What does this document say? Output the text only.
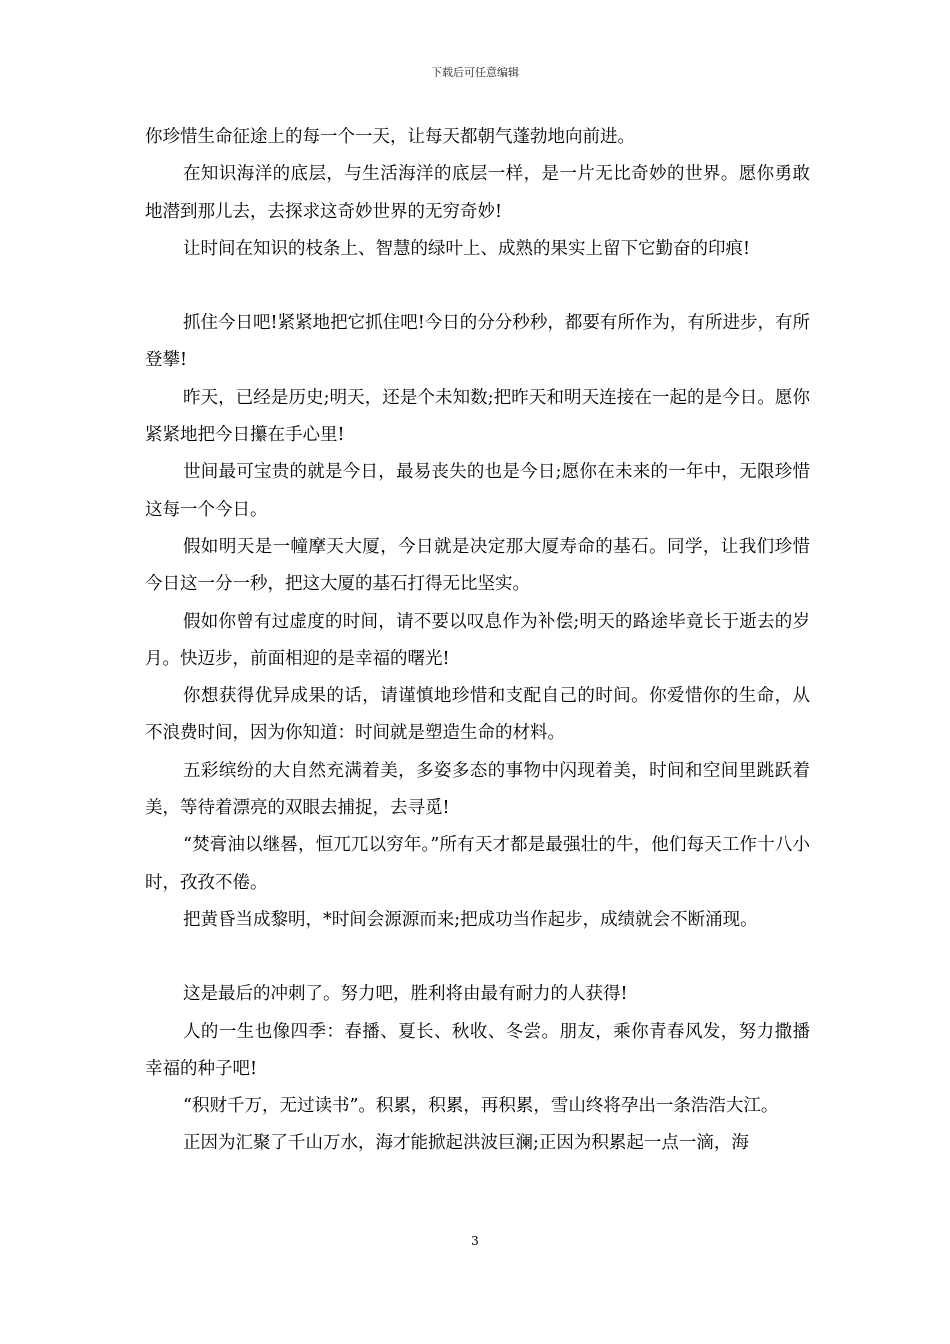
下载后可任意编辑

你珍惜生命征途上的每一个一天，让每天都朝气蓬勃地向前进。

在知识海洋的底层，与生活海洋的底层一样，是一片无比奇妙的世界。愿你勇敢地潜到那儿去，去探求这奇妙世界的无穷奇妙!

让时间在知识的枝条上、智慧的绿叶上、成熟的果实上留下它勤奋的印痕!

抓住今日吧!紧紧地把它抓住吧!今日的分分秒秒，都要有所作为，有所进步，有所登攀!

昨天，已经是历史;明天，还是个未知数;把昨天和明天连接在一起的是今日。愿你紧紧地把今日攥在手心里!

世间最可宝贵的就是今日，最易丧失的也是今日;愿你在未来的一年中，无限珍惜这每一个今日。

假如明天是一幢摩天大厦，今日就是决定那大厦寿命的基石。同学，让我们珍惜今日这一分一秒，把这大厦的基石打得无比坚实。

假如你曾有过虚度的时间，请不要以叹息作为补偿;明天的路途毕竟长于逝去的岁月。快迈步，前面相迎的是幸福的曙光!

你想获得优异成果的话，请谨慎地珍惜和支配自己的时间。你爱惜你的生命，从不浪费时间，因为你知道：时间就是塑造生命的材料。

五彩缤纷的大自然充满着美，多姿多态的事物中闪现着美，时间和空间里跳跃着美，等待着漂亮的双眼去捕捉，去寻觅!

“焚膏油以继晷，恒兀兀以穷年。”所有天才都是最强壮的牛，他们每天工作十八小时，孜孜不倦。

把黄昏当成黎明，*时间会源源而来;把成功当作起步，成绩就会不断涌现。

这是最后的冲刺了。努力吧，胜利将由最有耐力的人获得!

人的一生也像四季：春播、夏长、秋收、冬尝。朋友，乘你青春风发，努力撒播幸福的种子吧!

“积财千万，无过读书”。积累，积累，再积累，雪山终将孕出一条浩浩大江。

正因为汇聚了千山万水，海才能掀起洪波巨澜;正因为积累起一点一滴，海

3
